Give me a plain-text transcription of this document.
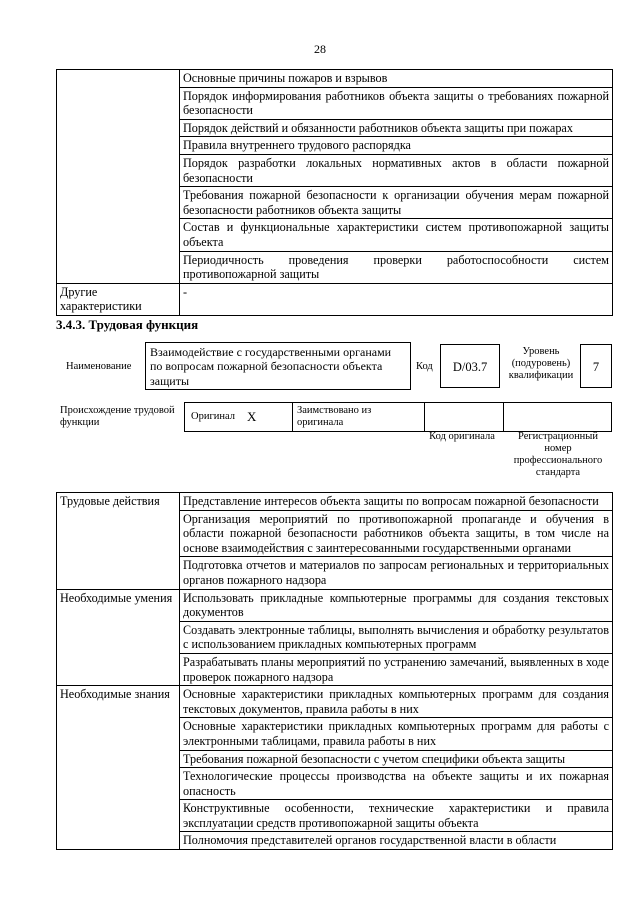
28
	Основные причины пожаров и взрывов
	Порядок информирования работников объекта защиты о требованиях пожарной безопасности
	Порядок действий и обязанности работников объекта защиты при пожарах
	Правила внутреннего трудового распорядка
	Порядок разработки локальных нормативных актов в области пожарной безопасности
	Требования пожарной безопасности к организации обучения мерам пожарной безопасности работников объекта защиты
	Состав и функциональные характеристики систем противопожарной защиты объекта
	Периодичность проведения проверки работоспособности систем противопожарной защиты
Другие характеристики	-
3.4.3. Трудовая функция
Наименование
Взаимодействие с государственными органами по вопросам пожарной безопасности объекта защиты
Код	D/03.7
Уровень (подуровень) квалификации
7
Происхождение трудовой функции
Оригинал X	Заимствовано из оригинала
Код оригинала	Регистрационный номер профессионального стандарта
Трудовые действия	Представление интересов объекта защиты по вопросам пожарной безопасности
	Организация мероприятий по противопожарной пропаганде и обучения в области пожарной безопасности работников объекта защиты, в том числе на основе взаимодействия с заинтересованными государственными органами
	Подготовка отчетов и материалов по запросам региональных и территориальных органов пожарного надзора
Необходимые умения	Использовать прикладные компьютерные программы для создания текстовых документов
	Создавать электронные таблицы, выполнять вычисления и обработку результатов с использованием прикладных компьютерных программ
	Разрабатывать планы мероприятий по устранению замечаний, выявленных в ходе проверок пожарного надзора
Необходимые знания	Основные характеристики прикладных компьютерных программ для создания текстовых документов, правила работы в них
	Основные характеристики прикладных компьютерных программ для работы с электронными таблицами, правила работы в них
	Требования пожарной безопасности с учетом специфики объекта защиты
	Технологические процессы производства на объекте защиты и их пожарная опасность
	Конструктивные особенности, технические характеристики и правила эксплуатации средств противопожарной защиты объекта
	Полномочия представителей органов государственной власти в области
